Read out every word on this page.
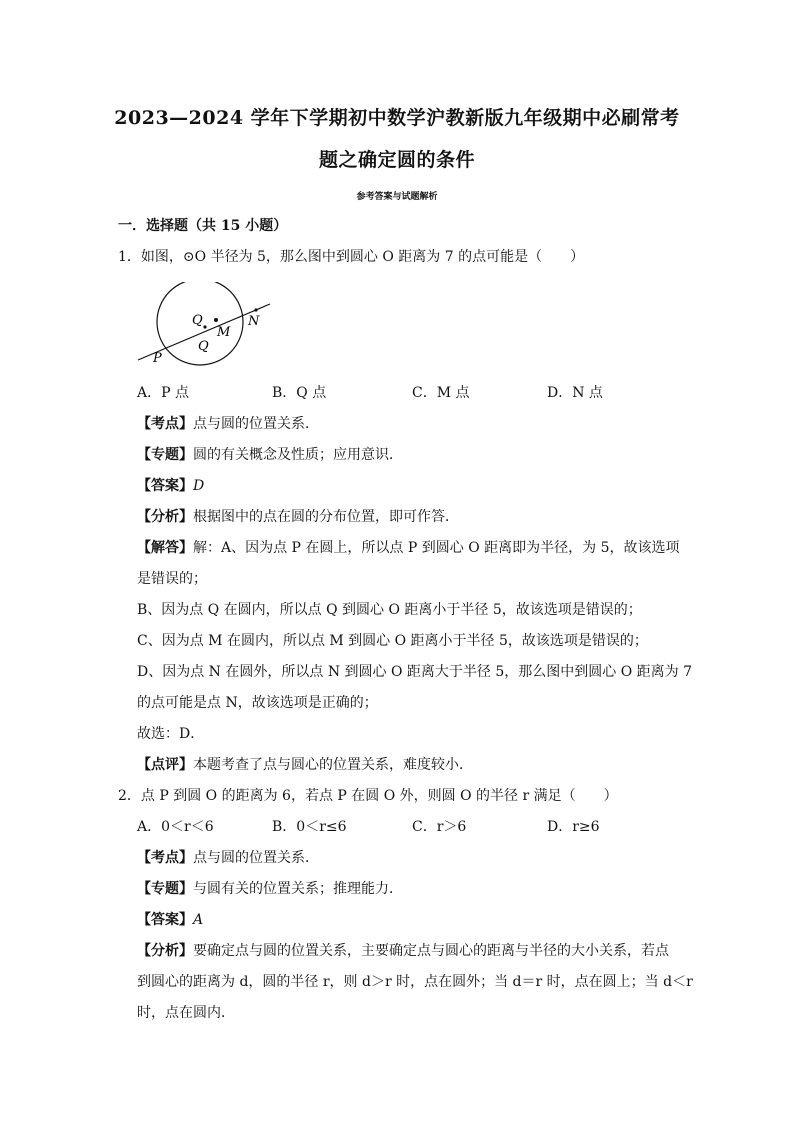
2023—2024 学年下学期初中数学沪教新版九年级期中必刷常考
题之确定圆的条件
参考答案与试题解析
一．选择题（共 15 小题）
1．如图，⊙O 半径为 5，那么图中到圆心 O 距离为 7 的点可能是（　　）
P
Q
Q
M
N
A．P 点	B．Q 点	C．M 点	D．N 点
【考点】点与圆的位置关系．
【专题】圆的有关概念及性质；应用意识．
【答案】D
【分析】根据图中的点在圆的分布位置，即可作答．
【解答】解：A、因为点 P 在圆上，所以点 P 到圆心 O 距离即为半径，为 5，故该选项
是错误的；
B、因为点 Q 在圆内，所以点 Q 到圆心 O 距离小于半径 5，故该选项是错误的；
C、因为点 M 在圆内，所以点 M 到圆心 O 距离小于半径 5，故该选项是错误的；
D、因为点 N 在圆外，所以点 N 到圆心 O 距离大于半径 5，那么图中到圆心 O 距离为 7
的点可能是点 N，故该选项是正确的；
故选：D．
【点评】本题考查了点与圆心的位置关系，难度较小．
2．点 P 到圆 O 的距离为 6，若点 P 在圆 O 外，则圆 O 的半径 r 满足（　　）
A．0＜r＜6	B．0＜r≤6	C．r＞6	D．r≥6
【考点】点与圆的位置关系．
【专题】与圆有关的位置关系；推理能力．
【答案】A
【分析】要确定点与圆的位置关系，主要确定点与圆心的距离与半径的大小关系，若点
到圆心的距离为 d，圆的半径 r，则 d＞r 时，点在圆外；当 d＝r 时，点在圆上；当 d＜r
时，点在圆内．
